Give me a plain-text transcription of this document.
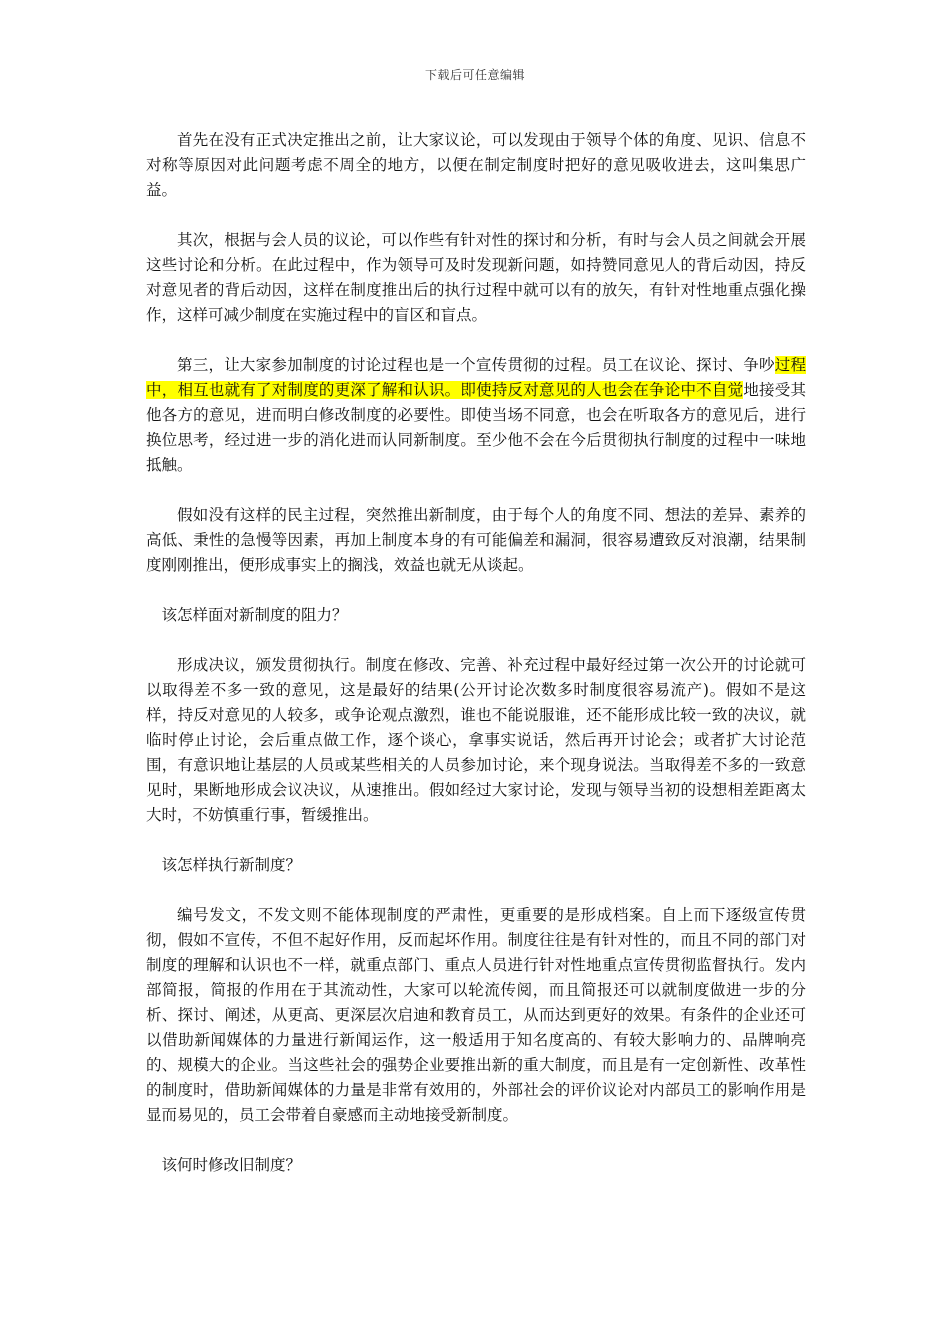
下载后可任意编辑

首先在没有正式决定推出之前，让大家议论，可以发现由于领导个体的角度、见识、信息不对称等原因对此问题考虑不周全的地方，以便在制定制度时把好的意见吸收进去，这叫集思广益。

其次，根据与会人员的议论，可以作些有针对性的探讨和分析，有时与会人员之间就会开展这些讨论和分析。在此过程中，作为领导可及时发现新问题，如持赞同意见人的背后动因，持反对意见者的背后动因，这样在制度推出后的执行过程中就可以有的放矢，有针对性地重点强化操作，这样可减少制度在实施过程中的盲区和盲点。

第三，让大家参加制度的讨论过程也是一个宣传贯彻的过程。员工在议论、探讨、争吵过程中，相互也就有了对制度的更深了解和认识。即使持反对意见的人也会在争论中不自觉地接受其他各方的意见，进而明白修改制度的必要性。即使当场不同意，也会在听取各方的意见后，进行换位思考，经过进一步的消化进而认同新制度。至少他不会在今后贯彻执行制度的过程中一味地抵触。

假如没有这样的民主过程，突然推出新制度，由于每个人的角度不同、想法的差异、素养的高低、秉性的急慢等因素，再加上制度本身的有可能偏差和漏洞，很容易遭致反对浪潮，结果制度刚刚推出，便形成事实上的搁浅，效益也就无从谈起。

该怎样面对新制度的阻力？

形成决议，颁发贯彻执行。制度在修改、完善、补充过程中最好经过第一次公开的讨论就可以取得差不多一致的意见，这是最好的结果(公开讨论次数多时制度很容易流产)。假如不是这样，持反对意见的人较多，或争论观点激烈，谁也不能说服谁，还不能形成比较一致的决议，就临时停止讨论，会后重点做工作，逐个谈心，拿事实说话，然后再开讨论会；或者扩大讨论范围，有意识地让基层的人员或某些相关的人员参加讨论，来个现身说法。当取得差不多的一致意见时，果断地形成会议决议，从速推出。假如经过大家讨论，发现与领导当初的设想相差距离太大时，不妨慎重行事，暂缓推出。

该怎样执行新制度？

编号发文，不发文则不能体现制度的严肃性，更重要的是形成档案。自上而下逐级宣传贯彻，假如不宣传，不但不起好作用，反而起坏作用。制度往往是有针对性的，而且不同的部门对制度的理解和认识也不一样，就重点部门、重点人员进行针对性地重点宣传贯彻监督执行。发内部简报，简报的作用在于其流动性，大家可以轮流传阅，而且简报还可以就制度做进一步的分析、探讨、阐述，从更高、更深层次启迪和教育员工，从而达到更好的效果。有条件的企业还可以借助新闻媒体的力量进行新闻运作，这一般适用于知名度高的、有较大影响力的、品牌响亮的、规模大的企业。当这些社会的强势企业要推出新的重大制度，而且是有一定创新性、改革性的制度时，借助新闻媒体的力量是非常有效用的，外部社会的评价议论对内部员工的影响作用是显而易见的，员工会带着自豪感而主动地接受新制度。

该何时修改旧制度？
